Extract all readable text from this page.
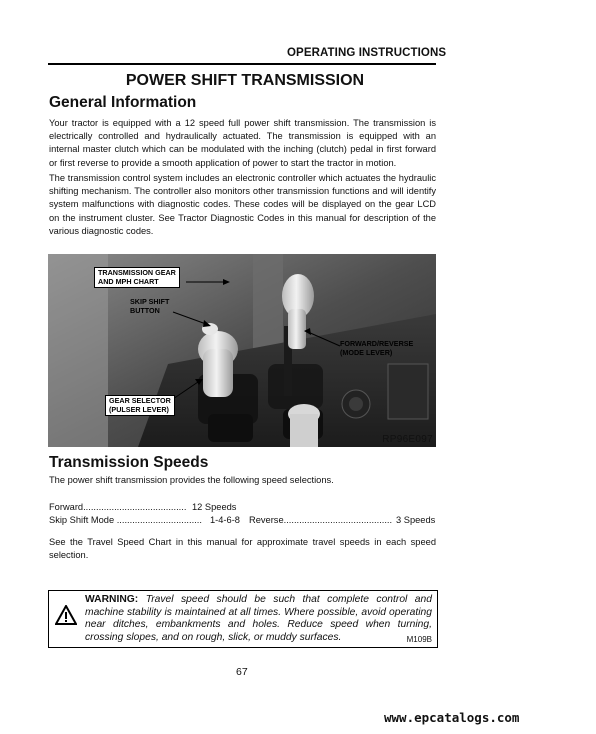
OPERATING INSTRUCTIONS
POWER SHIFT TRANSMISSION
General Information
Your tractor is equipped with a 12 speed full power shift transmission. The transmission is electrically controlled and hydraulically actuated. The transmission is equipped with an internal master clutch which can be modulated with the inching (clutch) pedal in first forward or first reverse to provide a smooth application of power to start the tractor in motion.
The transmission control system includes an electronic controller which actuates the hydraulic shifting mechanism. The controller also monitors other transmission functions and will identify system malfunctions with diagnostic codes. These codes will be displayed on the gear LCD on the instrument cluster. See Tractor Diagnostic Codes in this manual for description of the various diagnostic codes.
TRANSMISSION GEAR
AND MPH CHART
SKIP SHIFT
BUTTON
FORWARD/REVERSE
(MODE LEVER)
GEAR SELECTOR
(PULSER LEVER)
RP96E097
Transmission Speeds
The power shift transmission provides the following speed selections.
Forward........................................ 12 Speeds
Skip Shift Mode ................................. 1-4-6-8 Reverse.......................................... 3 Speeds
See the Travel Speed Chart in this manual for approximate travel speeds in each speed selection.
WARNING: Travel speed should be such that complete control and machine stability is maintained at all times. Where possible, avoid operating near ditches, embankments and holes. Reduce speed when turning, crossing slopes, and on rough, slick, or muddy surfaces.	M109B
67
www.epcatalogs.com
